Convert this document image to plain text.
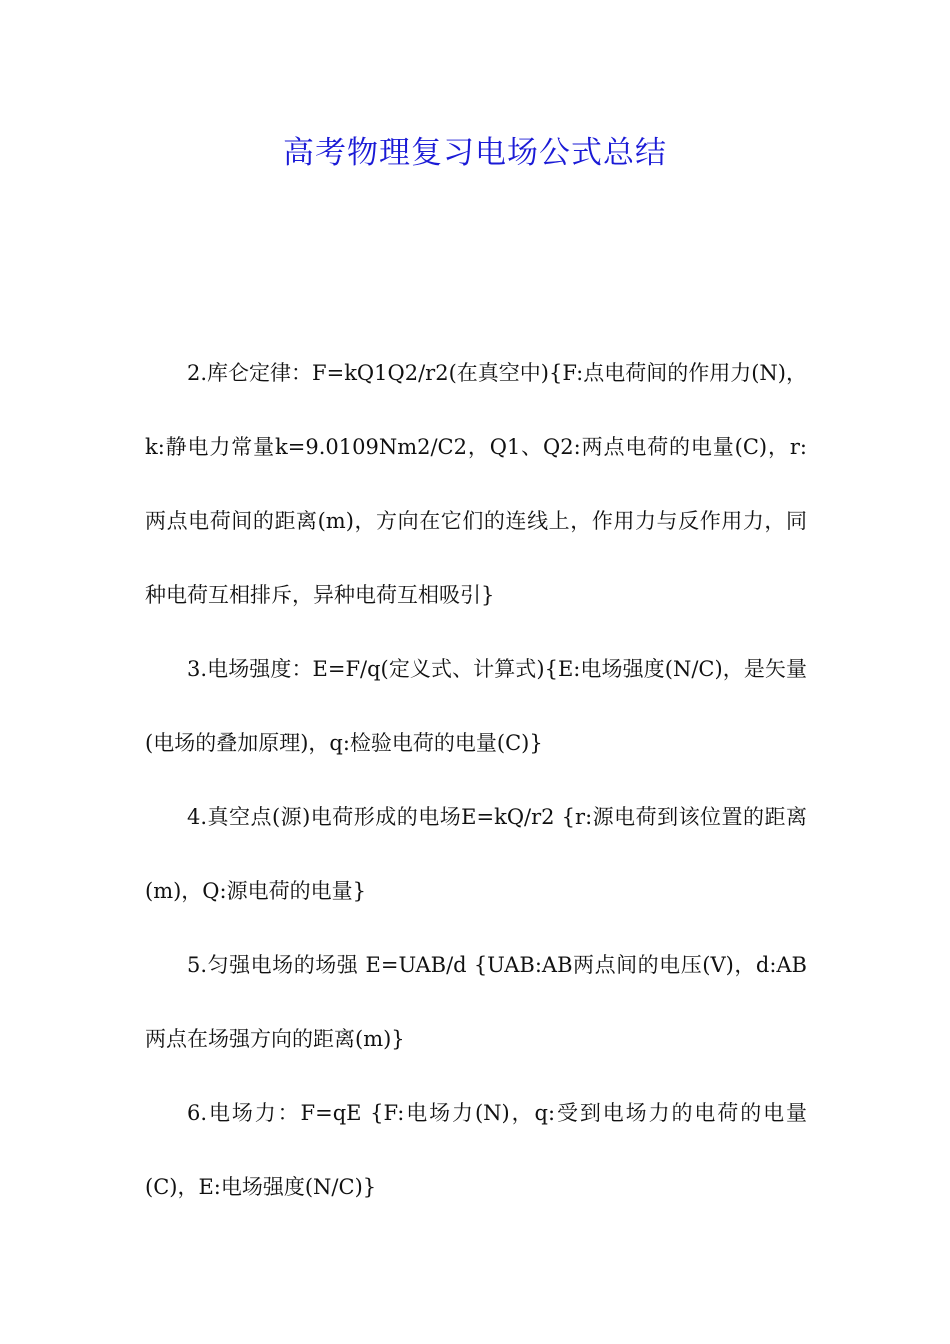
高考物理复习电场公式总结

2.库仑定律：F=kQ1Q2/r2(在真空中){F:点电荷间的作用力(N)，k:静电力常量k=9.0109Nm2/C2，Q1、Q2:两点电荷的电量(C)，r:两点电荷间的距离(m)，方向在它们的连线上，作用力与反作用力，同种电荷互相排斥，异种电荷互相吸引}

3.电场强度：E=F/q(定义式、计算式){E:电场强度(N/C)，是矢量(电场的叠加原理)，q:检验电荷的电量(C)}

4.真空点(源)电荷形成的电场E=kQ/r2 {r:源电荷到该位置的距离(m)，Q:源电荷的电量}

5.匀强电场的场强 E=UAB/d {UAB:AB两点间的电压(V)，d:AB两点在场强方向的距离(m)}

6.电场力：F=qE {F:电场力(N)，q:受到电场力的电荷的电量(C)，E:电场强度(N/C)}
